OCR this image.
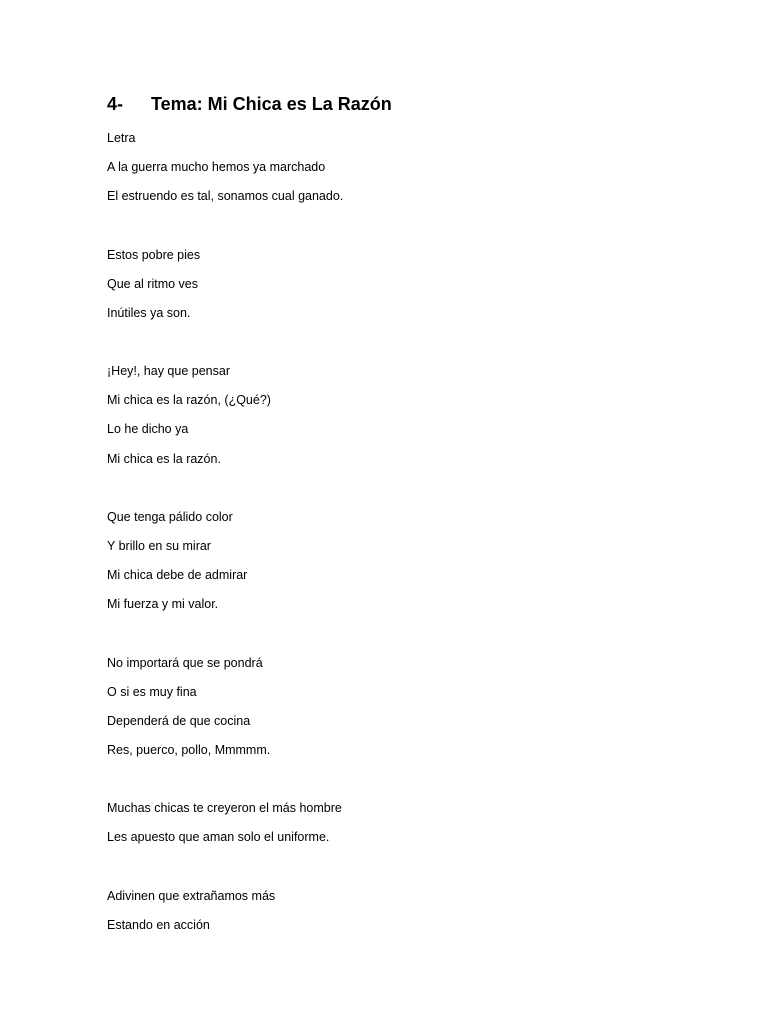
4- Tema: Mi Chica es La Razón
Letra
A la guerra mucho hemos ya marchado
El estruendo es tal, sonamos cual ganado.
Estos pobre pies
Que al ritmo ves
Inútiles ya son.
¡Hey!, hay que pensar
Mi chica es la razón, (¿Qué?)
Lo he dicho ya
Mi chica es la razón.
Que tenga pálido color
Y brillo en su mirar
Mi chica debe de admirar
Mi fuerza y mi valor.
No importará que se pondrá
O si es muy fina
Dependerá de que cocina
Res, puerco, pollo, Mmmmm.
Muchas chicas te creyeron el más hombre
Les apuesto que aman solo el uniforme.
Adivinen que extrañamos más
Estando en acción
